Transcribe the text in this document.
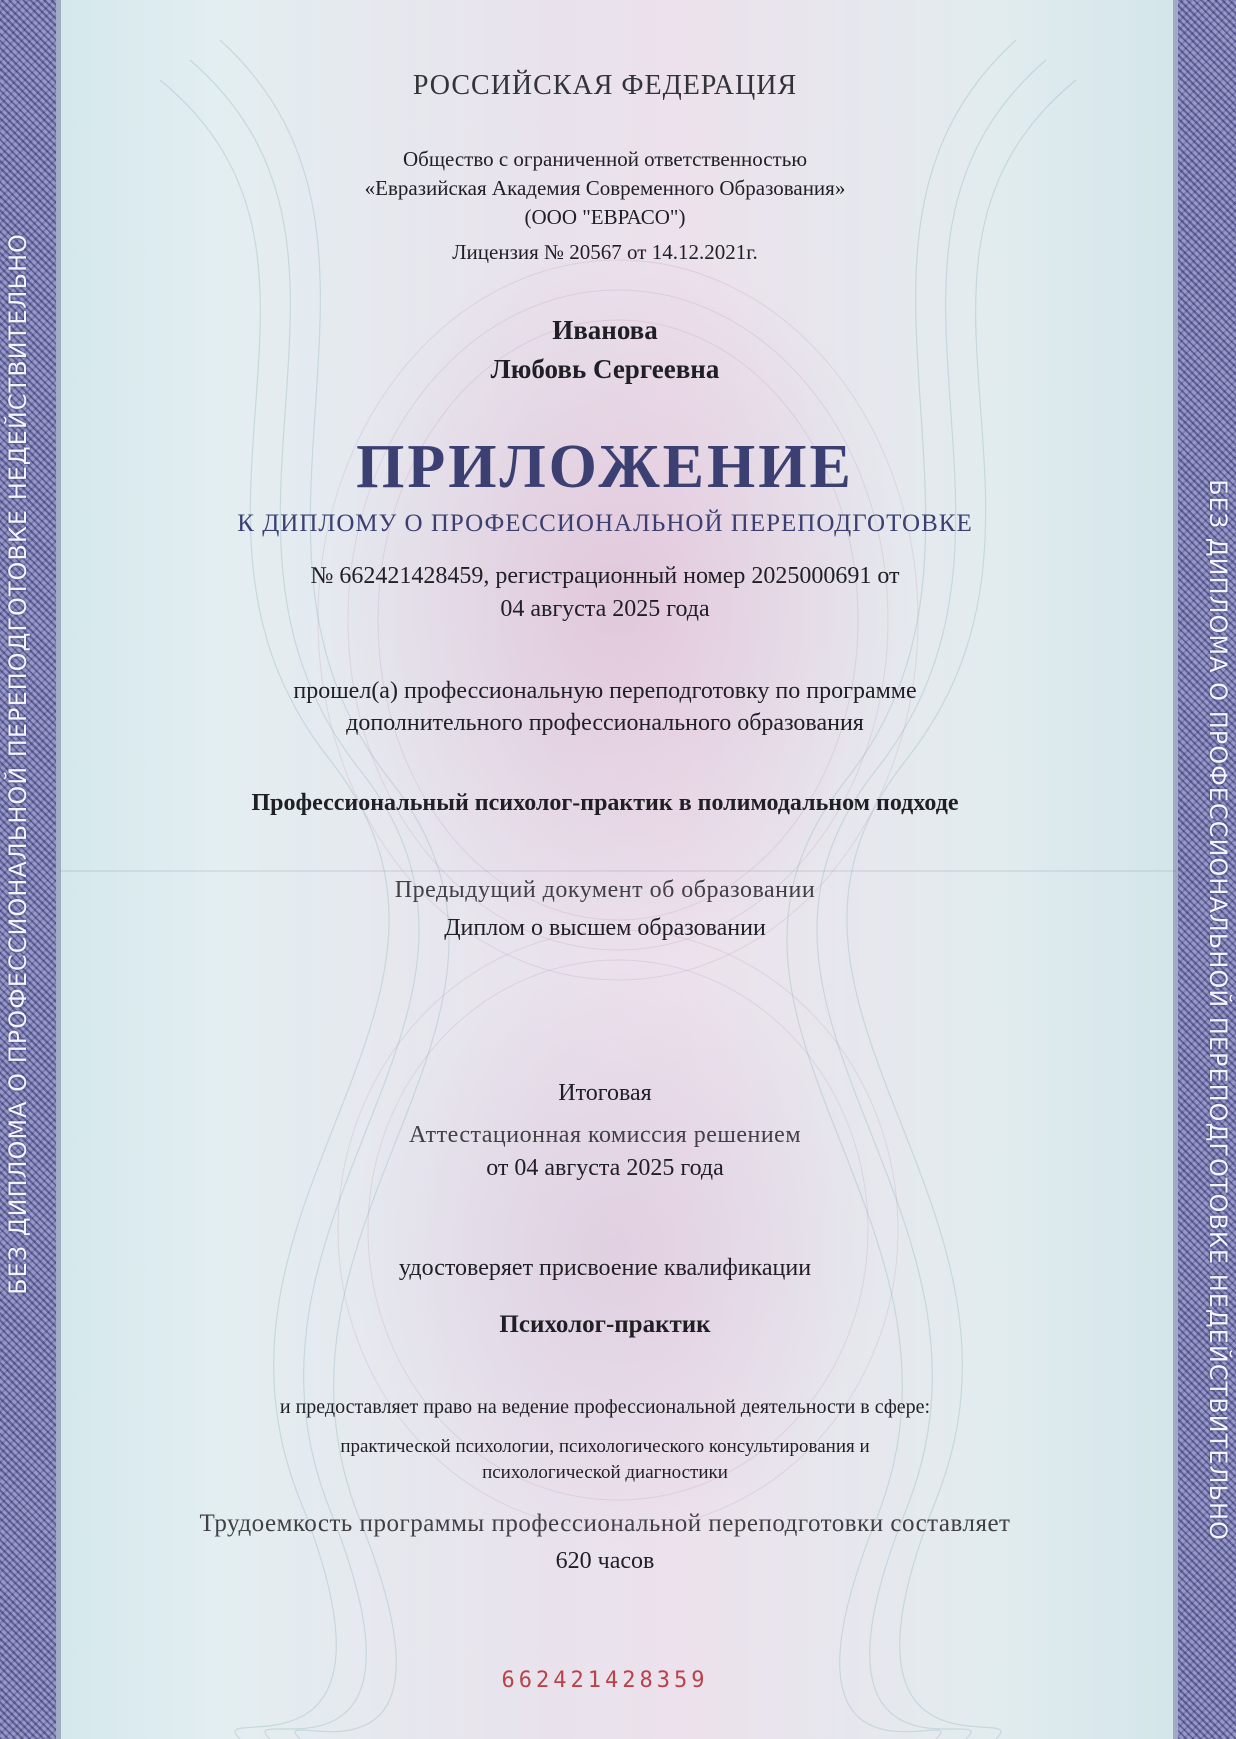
БЕЗ ДИПЛОМА О ПРОФЕССИОНАЛЬНОЙ ПЕРЕПОДГОТОВКЕ НЕДЕЙСТВИТЕЛЬНО	БЕЗ ДИПЛОМА О ПРОФЕССИОНАЛЬНОЙ ПЕРЕПОДГОТОВКЕ НЕДЕЙСТВИТЕЛЬНО
РОССИЙСКАЯ ФЕДЕРАЦИЯ
Общество с ограниченной ответственностью
«Евразийская Академия Современного Образования»
(ООО "ЕВРАСО")
Лицензия № 20567 от 14.12.2021г.
Иванова
Любовь Сергеевна
ПРИЛОЖЕНИЕ
К ДИПЛОМУ О ПРОФЕССИОНАЛЬНОЙ ПЕРЕПОДГОТОВКЕ
№ 662421428459, регистрационный номер 2025000691 от
04 августа 2025 года
прошел(а) профессиональную переподготовку по программе
дополнительного профессионального образования
Профессиональный психолог-практик в полимодальном подходе
Предыдущий документ об образовании
Диплом о высшем образовании
Итоговая
Аттестационная комиссия решением
от 04 августа 2025 года
удостоверяет присвоение квалификации
Психолог-практик
и предоставляет право на ведение профессиональной деятельности в сфере:
практической психологии, психологического консультирования и
психологической диагностики
Трудоемкость программы профессиональной переподготовки составляет
620 часов
662421428359
